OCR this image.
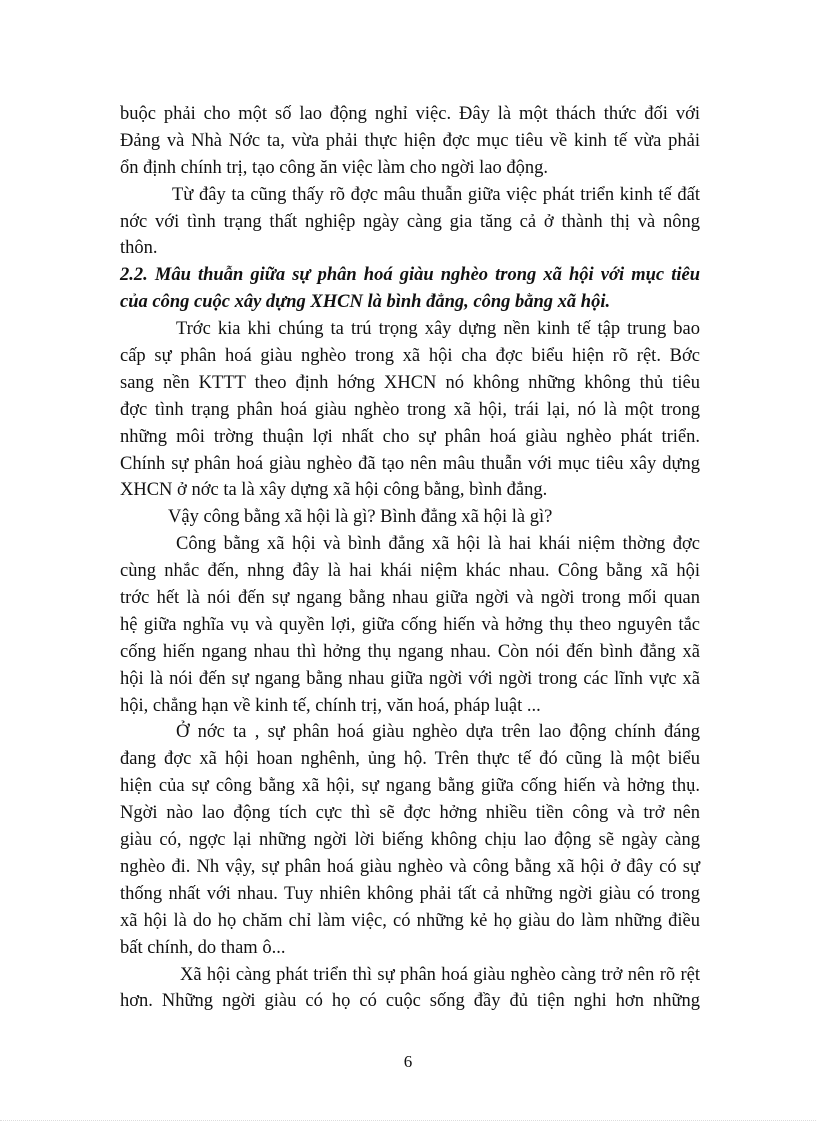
buộc phải cho một số lao động nghỉ việc. Đây là một thách thức đối với
Đảng và Nhà Nớc ta, vừa phải thực hiện đợc mục tiêu về kinh tế vừa phải
ổn định chính trị, tạo công ăn việc làm cho ngời lao động.
Từ đây ta cũng thấy rõ đợc mâu thuẫn giữa việc phát triển kinh tế đất
nớc với tình trạng thất nghiệp ngày càng gia tăng cả ở thành thị và nông
thôn.
2.2. Mâu thuẫn giữa sự phân hoá giàu nghèo trong xã hội với mục tiêu
của công cuộc xây dựng XHCN là bình đẳng, công bằng xã hội.
Trớc kia khi chúng ta trú trọng xây dựng nền kinh tế tập trung bao
cấp sự phân hoá giàu nghèo trong xã hội cha đợc biểu hiện rõ rệt. Bớc
sang nền KTTT theo định hớng XHCN nó không những không thủ tiêu
đợc tình trạng phân hoá giàu nghèo trong xã hội, trái lại, nó là một trong
những môi trờng thuận lợi nhất cho sự phân hoá giàu nghèo phát triển.
Chính sự phân hoá giàu nghèo đã tạo nên mâu thuẫn với mục tiêu xây dựng
XHCN ở nớc ta là xây dựng xã hội công bằng, bình đẳng.
Vậy công bằng xã hội là gì? Bình đẳng xã hội là gì?
Công bằng xã hội và bình đẳng xã hội là hai khái niệm thờng đợc
cùng nhắc đến, nhng đây là hai khái niệm khác nhau. Công bằng xã hội
trớc hết là nói đến sự ngang bằng nhau giữa ngời và ngời trong mối quan
hệ giữa nghĩa vụ và quyền lợi, giữa cống hiến và hởng thụ theo nguyên tắc
cống hiến ngang nhau thì hởng thụ ngang nhau. Còn nói đến bình đẳng xã
hội là nói đến sự ngang bằng nhau giữa ngời với ngời trong các lĩnh vực xã
hội, chẳng hạn về kinh tế, chính trị, văn hoá, pháp luật ...
Ở nớc ta , sự phân hoá giàu nghèo dựa trên lao động chính đáng
đang đợc xã hội hoan nghênh, ủng hộ. Trên thực tế đó cũng là một biểu
hiện của sự công bằng xã hội, sự ngang bằng giữa cống hiến và hởng thụ.
Ngời nào lao động tích cực thì sẽ đợc hởng nhiều tiền công và trở nên
giàu có, ngợc lại những ngời lời biếng không chịu lao động sẽ ngày càng
nghèo đi. Nh vậy, sự phân hoá giàu nghèo và công bằng xã hội ở đây có sự
thống nhất với nhau. Tuy nhiên không phải tất cả những ngời giàu có trong
xã hội là do họ chăm chỉ làm việc, có những kẻ họ giàu do làm những điều
bất chính, do tham ô...
Xã hội càng phát triển thì sự phân hoá giàu nghèo càng trở nên rõ rệt
hơn. Những ngời giàu có họ có cuộc sống đầy đủ tiện nghi hơn những
6
